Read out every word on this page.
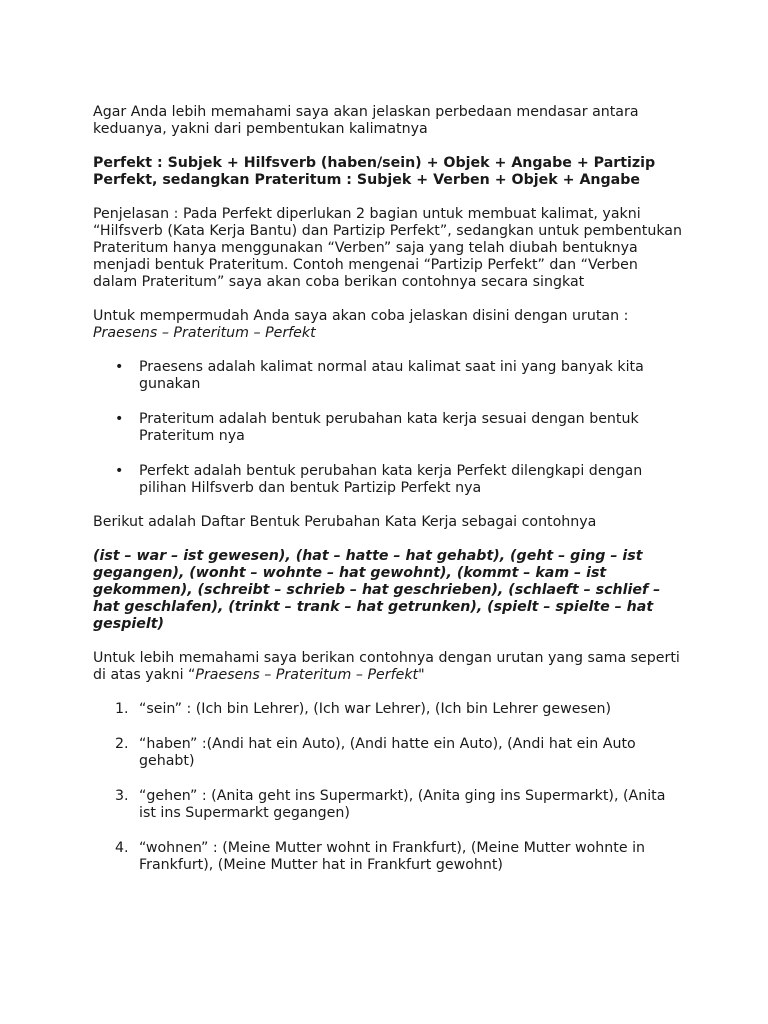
Agar Anda lebih memahami saya akan jelaskan perbedaan mendasar antara keduanya, yakni dari pembentukan kalimatnya

Perfekt : Subjek + Hilfsverb (haben/sein) + Objek + Angabe + Partizip Perfekt, sedangkan Prateritum : Subjek + Verben + Objek + Angabe

Penjelasan : Pada Perfekt diperlukan 2 bagian untuk membuat kalimat, yakni “Hilfsverb (Kata Kerja Bantu) dan Partizip Perfekt”, sedangkan untuk pembentukan Prateritum hanya menggunakan “Verben” saja yang telah diubah bentuknya menjadi bentuk Prateritum. Contoh mengenai “Partizip Perfekt” dan “Verben dalam Prateritum” saya akan coba berikan contohnya secara singkat

Untuk mempermudah Anda saya akan coba jelaskan disini dengan urutan : Praesens – Prateritum – Perfekt

• Praesens adalah kalimat normal atau kalimat saat ini yang banyak kita gunakan
• Prateritum adalah bentuk perubahan kata kerja sesuai dengan bentuk Prateritum nya
• Perfekt adalah bentuk perubahan kata kerja Perfekt dilengkapi dengan pilihan Hilfsverb dan bentuk Partizip Perfekt nya

Berikut adalah Daftar Bentuk Perubahan Kata Kerja sebagai contohnya

(ist – war – ist gewesen), (hat – hatte – hat gehabt), (geht – ging – ist gegangen), (wonht – wohnte – hat gewohnt), (kommt – kam – ist gekommen), (schreibt – schrieb – hat geschrieben), (schlaeft – schlief – hat geschlafen), (trinkt – trank – hat getrunken), (spielt – spielte – hat gespielt)

Untuk lebih memahami saya berikan contohnya dengan urutan yang sama seperti di atas yakni “Praesens – Prateritum – Perfekt"

1. “sein” : (Ich bin Lehrer), (Ich war Lehrer), (Ich bin Lehrer gewesen)
2. “haben” :(Andi hat ein Auto), (Andi hatte ein Auto), (Andi hat ein Auto gehabt)
3. “gehen” : (Anita geht ins Supermarkt), (Anita ging ins Supermarkt), (Anita ist ins Supermarkt gegangen)
4. “wohnen” : (Meine Mutter wohnt in Frankfurt), (Meine Mutter wohnte in Frankfurt), (Meine Mutter hat in Frankfurt gewohnt)
